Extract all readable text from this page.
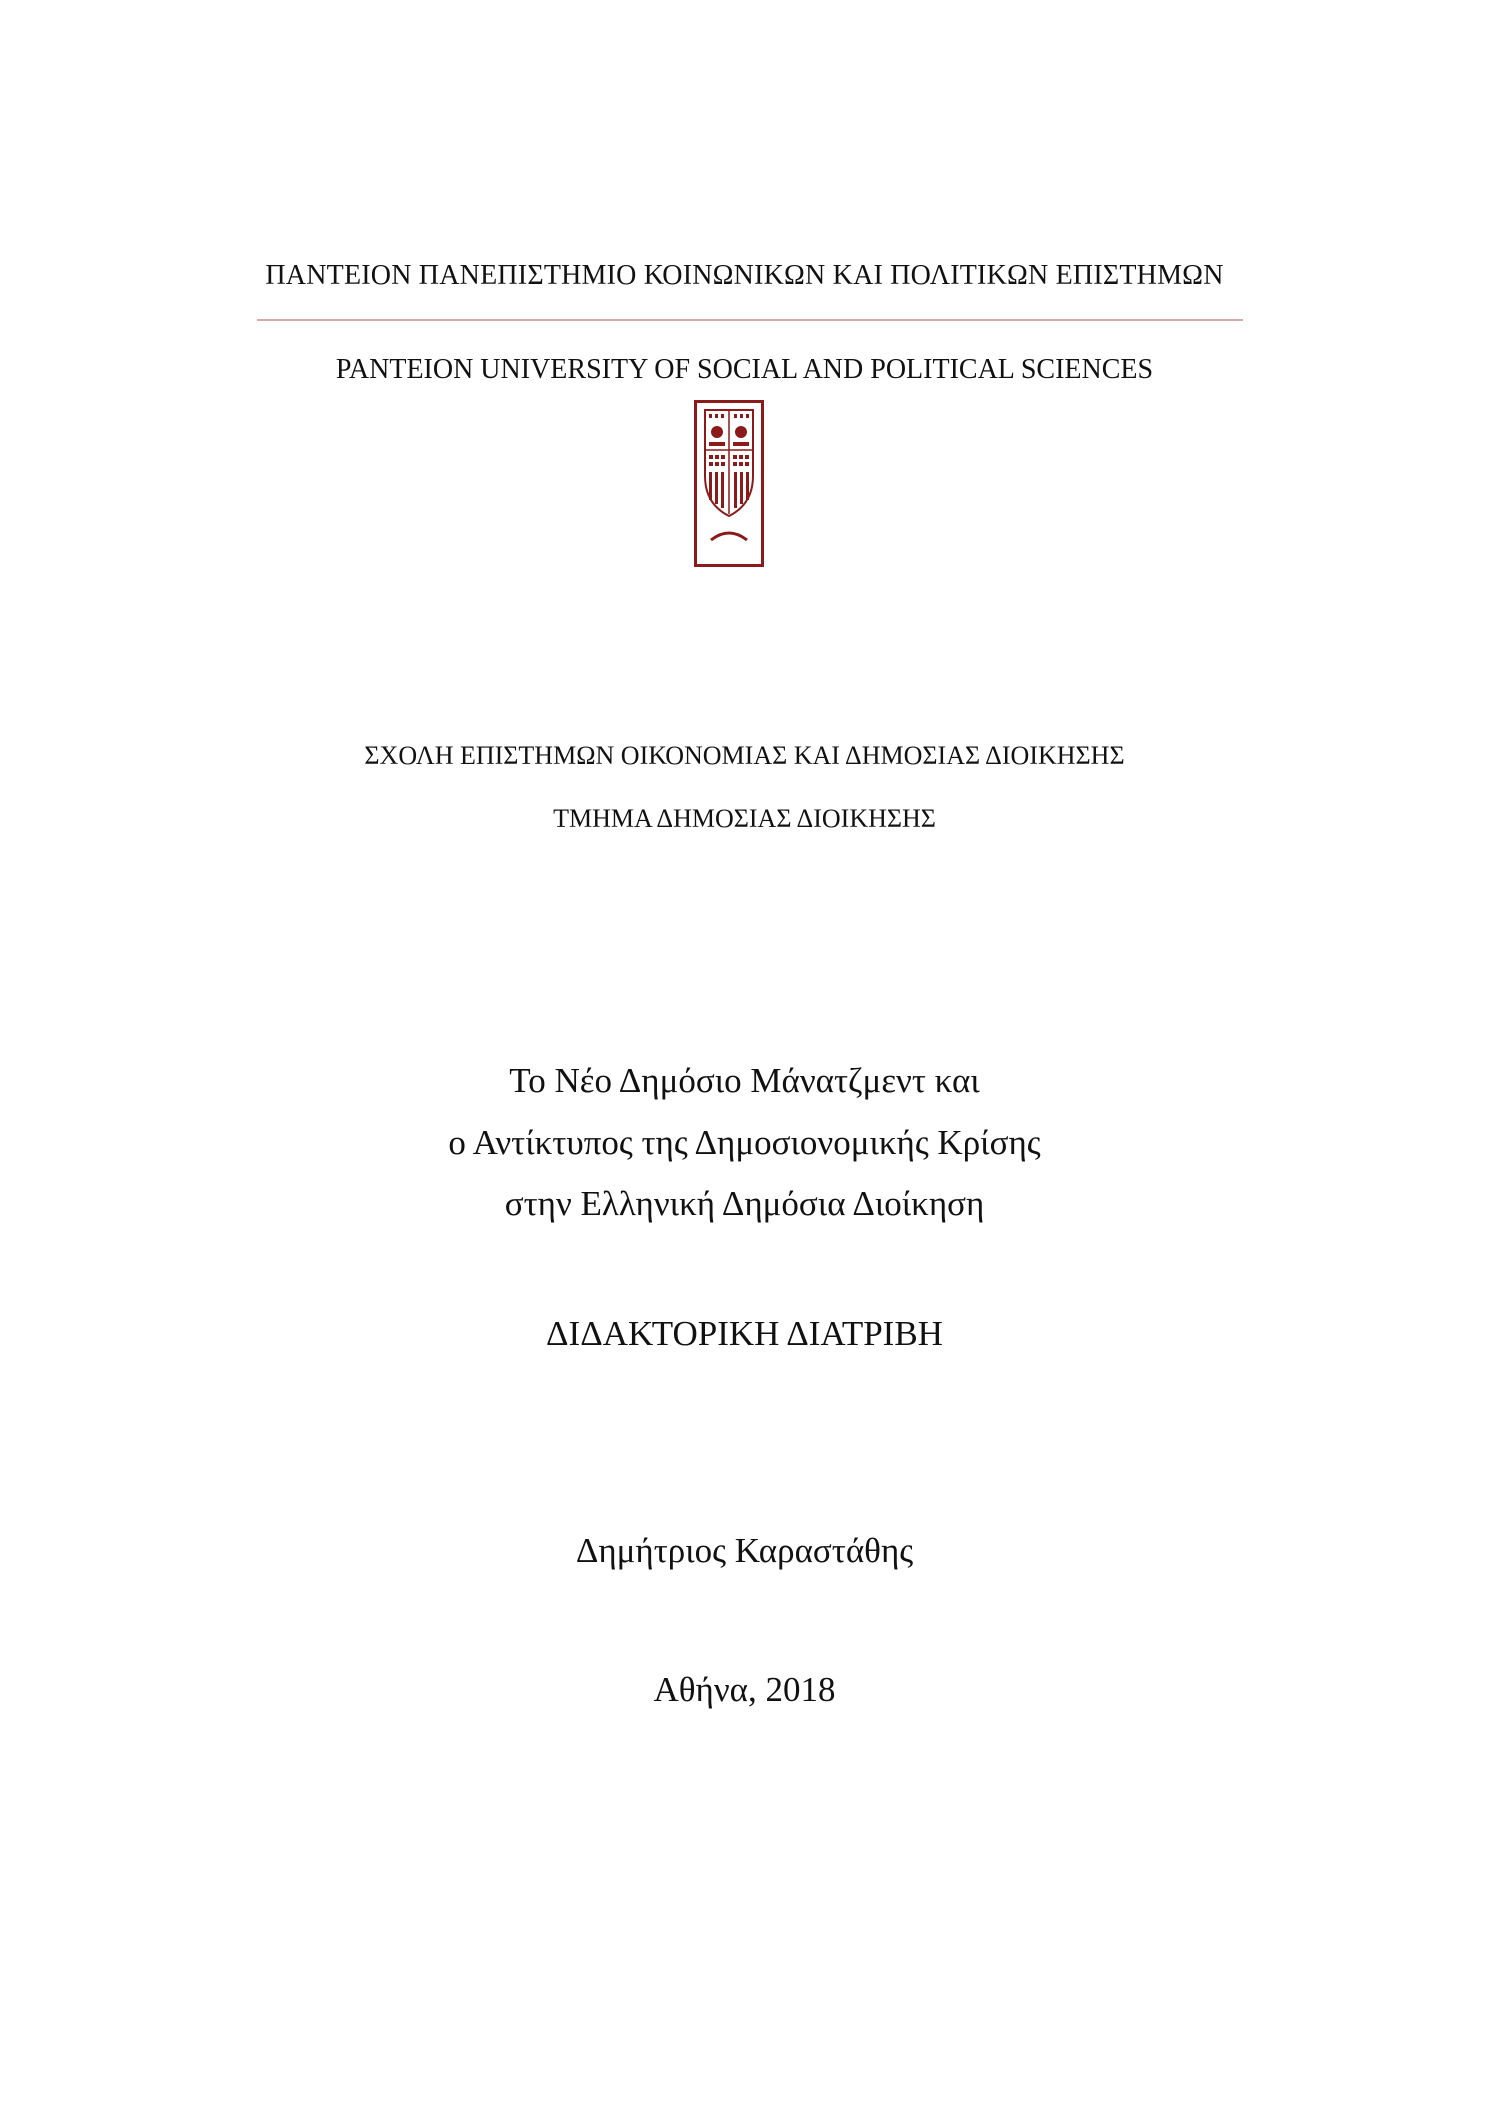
ΠΑΝΤΕΙΟΝ ΠΑΝΕΠΙΣΤΗΜΙΟ ΚΟΙΝΩΝΙΚΩΝ ΚΑΙ ΠΟΛΙΤΙΚΩΝ ΕΠΙΣΤΗΜΩΝ

PANTEION UNIVERSITY OF SOCIAL AND POLITICAL SCIENCES

ΣΧΟΛΗ ΕΠΙΣΤΗΜΩΝ ΟΙΚΟΝΟΜΙΑΣ ΚΑΙ ΔΗΜΟΣΙΑΣ ΔΙΟΙΚΗΣΗΣ

ΤΜΗΜΑ ΔΗΜΟΣΙΑΣ ΔΙΟΙΚΗΣΗΣ

Το Νέο Δημόσιο Μάνατζμεντ και

ο Αντίκτυπος της Δημοσιονομικής Κρίσης

στην Ελληνική Δημόσια Διοίκηση

ΔΙΔΑΚΤΟΡΙΚΗ ΔΙΑΤΡΙΒΗ

Δημήτριος Καραστάθης

Αθήνα, 2018
